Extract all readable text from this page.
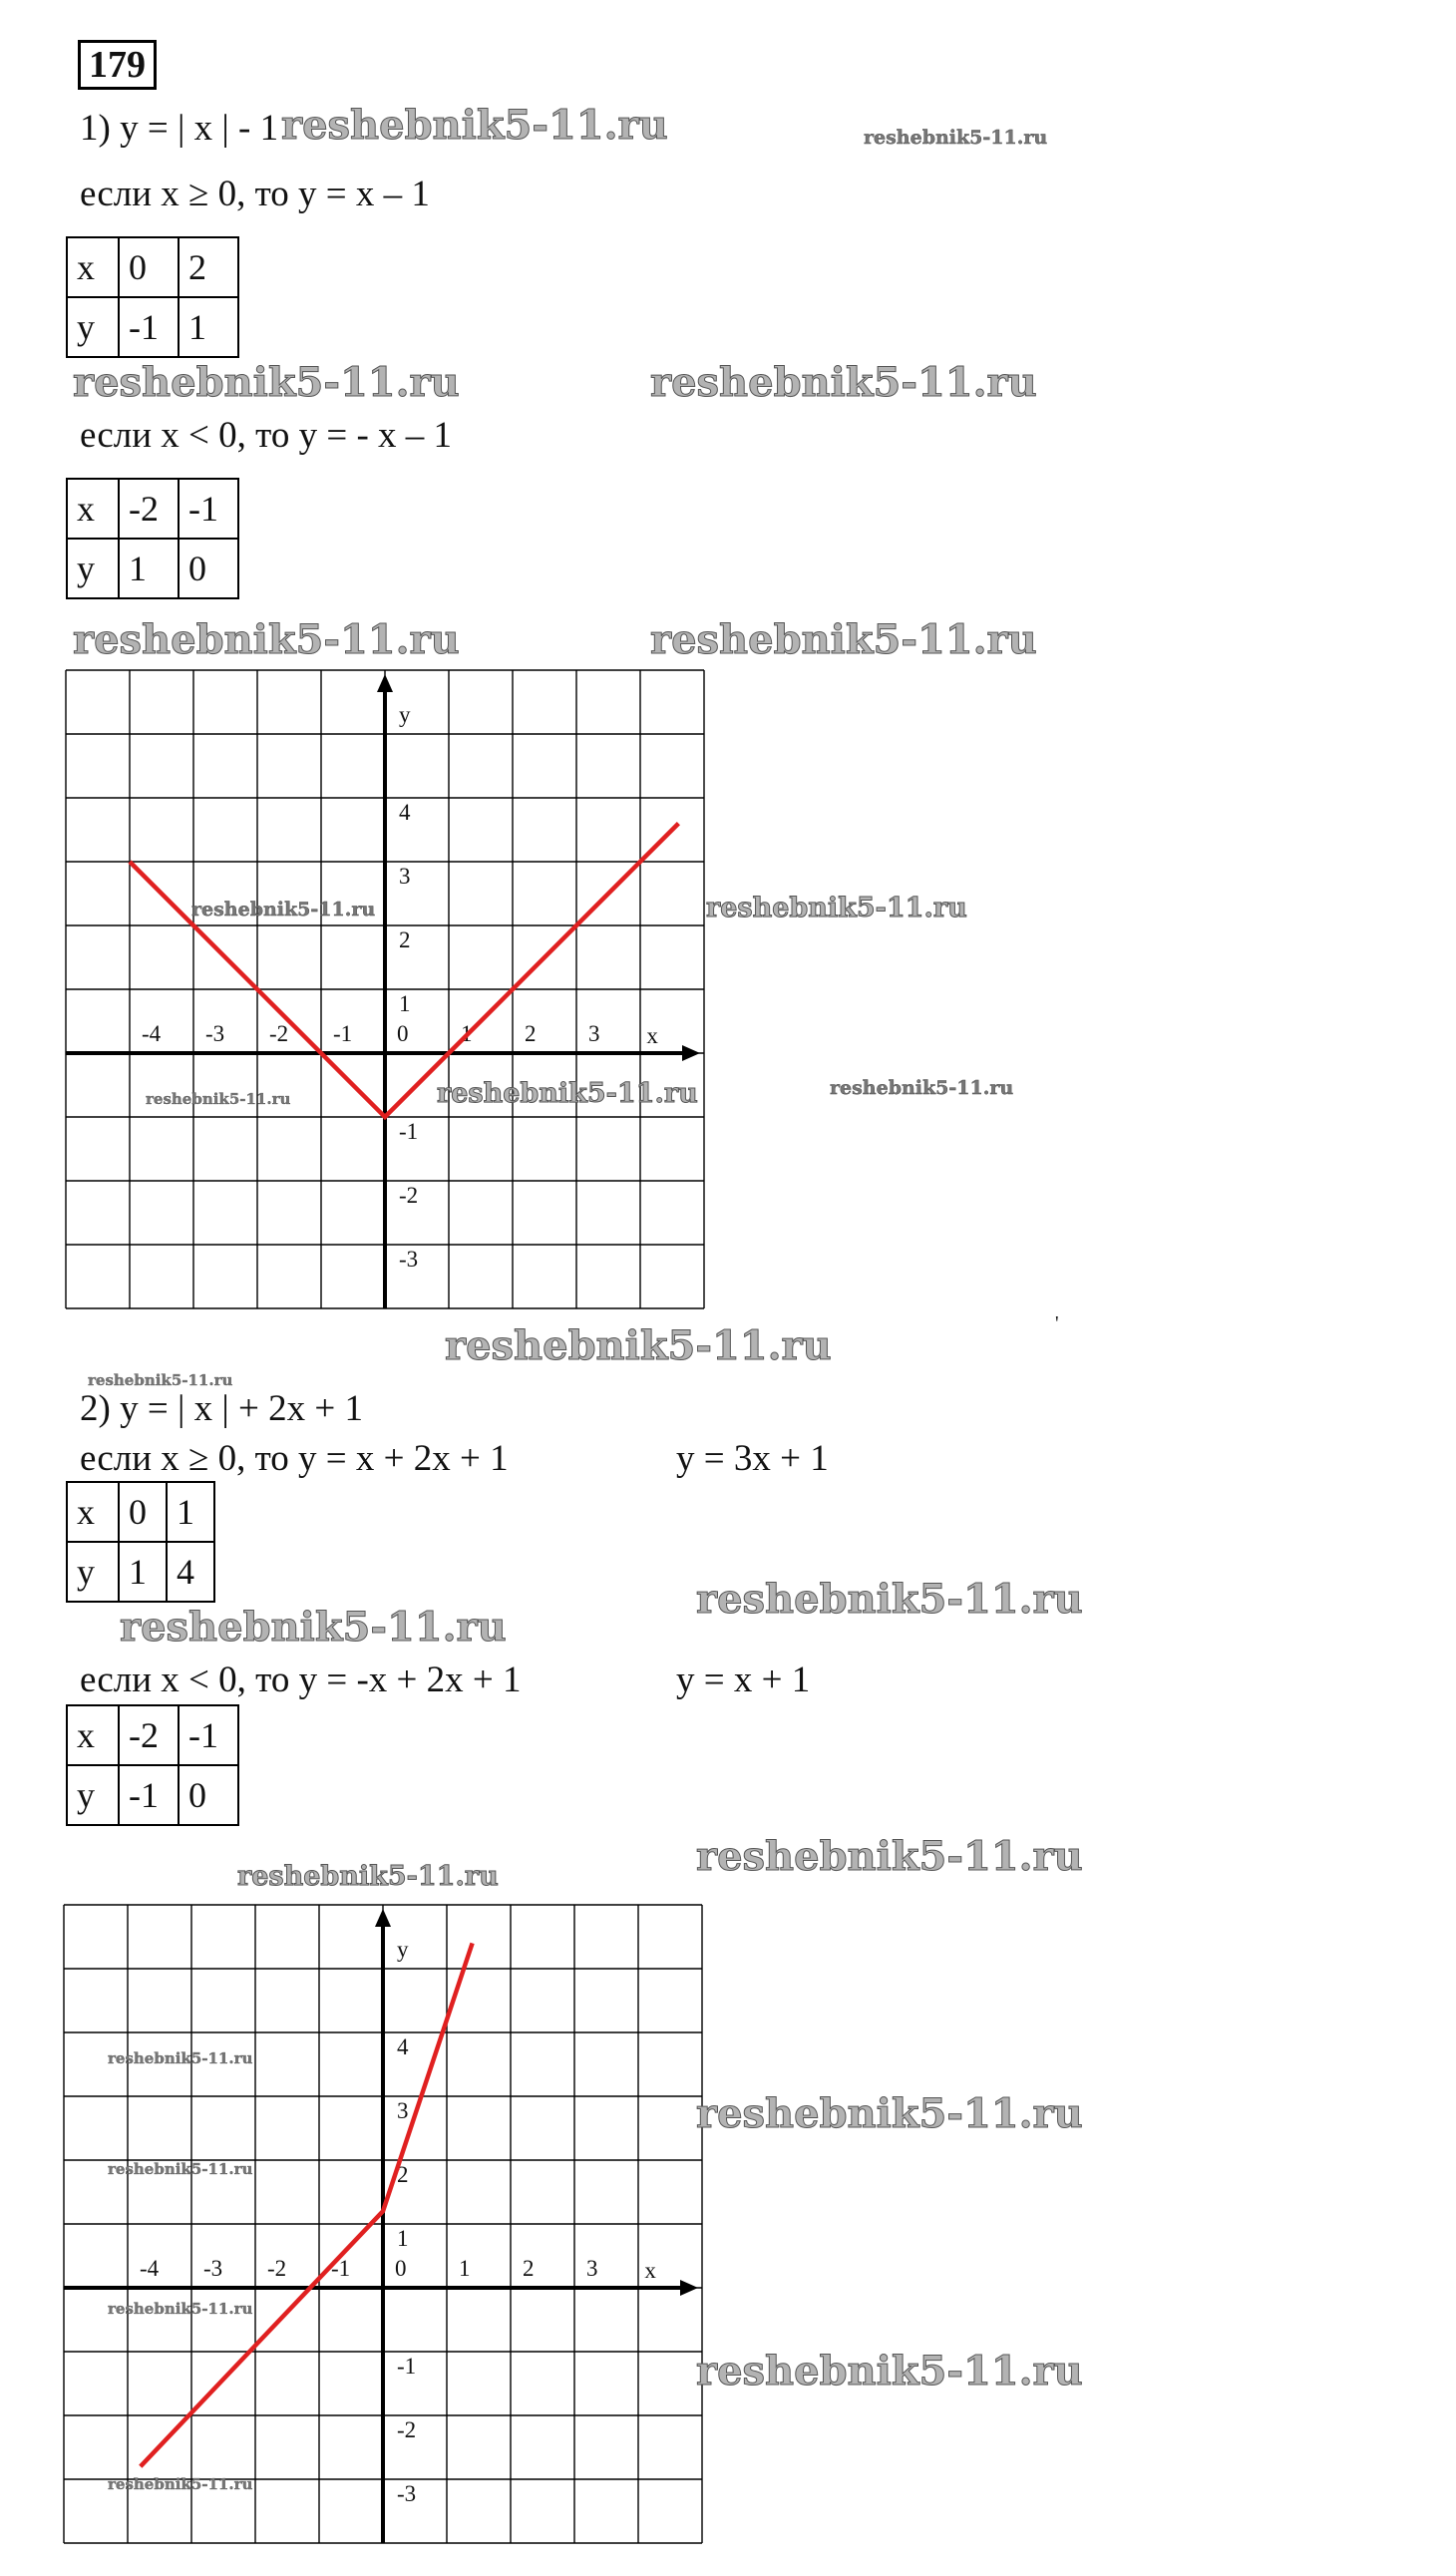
179
1) y = | x | - 1 reshebnik5-11.ru	reshebnik5-11.ru
если x ≥ 0, то y = x – 1
x	0	2
y	-1	1
reshebnik5-11.ru	reshebnik5-11.ru
если x < 0, то y = - x – 1
x	-2	-1
y	1	0
reshebnik5-11.ru	reshebnik5-11.ru
x
y
-4 -3 -2 -1 0 1 2 3
4
3
2
1
-1
-2
-3
reshebnik5-11.ru	reshebnik5-11.ru
reshebnik5-11.ru	reshebnik5-11.ru	reshebnik5-11.ru
reshebnik5-11.ru	'
reshebnik5-11.ru
2) y = | x | + 2x + 1
если x ≥ 0, то y = x + 2x + 1	y = 3x + 1
x	0	1
y	1	4
reshebnik5-11.ru
reshebnik5-11.ru
если x < 0, то y = -x + 2x + 1	y = x + 1
x	-2	-1
y	-1	0
reshebnik5-11.ru
reshebnik5-11.ru
x
y
-4 -3 -2 -1 0 1 2 3
4
3
2
1
-1
-2
-3
reshebnik5-11.ru
reshebnik5-11.ru
reshebnik5-11.ru
reshebnik5-11.ru
reshebnik5-11.ru
reshebnik5-11.ru
